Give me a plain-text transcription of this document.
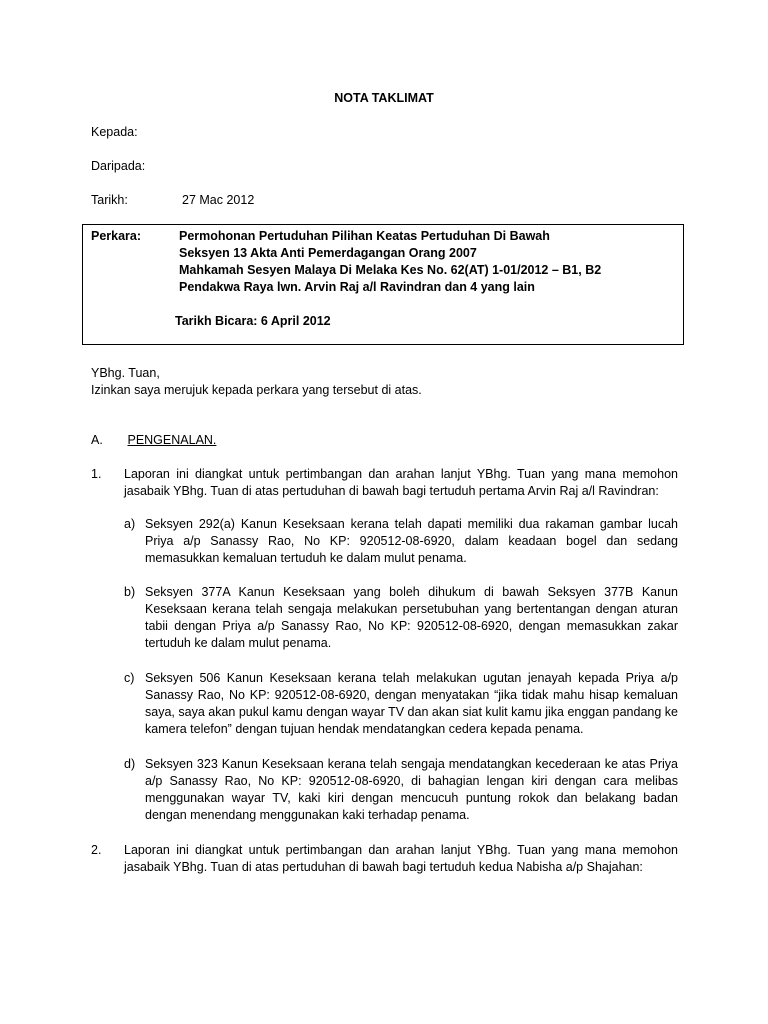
NOTA TAKLIMAT
Kepada:
Daripada:
Tarikh:	27 Mac 2012
Perkara:	Permohonan Pertuduhan Pilihan Keatas Pertuduhan Di Bawah
Seksyen 13 Akta Anti Pemerdagangan Orang 2007
Mahkamah Sesyen Malaya Di Melaka Kes No. 62(AT) 1-01/2012 – B1, B2
Pendakwa Raya lwn. Arvin Raj a/l Ravindran dan 4 yang lain
Tarikh Bicara: 6 April 2012
YBhg. Tuan,
Izinkan saya merujuk kepada perkara yang tersebut di atas.
A. PENGENALAN.
1. Laporan ini diangkat untuk pertimbangan dan arahan lanjut YBhg. Tuan yang mana memohon jasabaik YBhg. Tuan di atas pertuduhan di bawah bagi tertuduh pertama Arvin Raj a/l Ravindran:
a) Seksyen 292(a) Kanun Keseksaan kerana telah dapati memiliki dua rakaman gambar lucah Priya a/p Sanassy Rao, No KP: 920512-08-6920, dalam keadaan bogel dan sedang memasukkan kemaluan tertuduh ke dalam mulut penama.
b) Seksyen 377A Kanun Keseksaan yang boleh dihukum di bawah Seksyen 377B Kanun Keseksaan kerana telah sengaja melakukan persetubuhan yang bertentangan dengan aturan tabii dengan Priya a/p Sanassy Rao, No KP: 920512-08-6920, dengan memasukkan zakar tertuduh ke dalam mulut penama.
c) Seksyen 506 Kanun Keseksaan kerana telah melakukan ugutan jenayah kepada Priya a/p Sanassy Rao, No KP: 920512-08-6920, dengan menyatakan “jika tidak mahu hisap kemaluan saya, saya akan pukul kamu dengan wayar TV dan akan siat kulit kamu jika enggan pandang ke kamera telefon” dengan tujuan hendak mendatangkan cedera kepada penama.
d) Seksyen 323 Kanun Keseksaan kerana telah sengaja mendatangkan kecederaan ke atas Priya a/p Sanassy Rao, No KP: 920512-08-6920, di bahagian lengan kiri dengan cara melibas menggunakan wayar TV, kaki kiri dengan mencucuh puntung rokok dan belakang badan dengan menendang menggunakan kaki terhadap penama.
2. Laporan ini diangkat untuk pertimbangan dan arahan lanjut YBhg. Tuan yang mana memohon jasabaik YBhg. Tuan di atas pertuduhan di bawah bagi tertuduh kedua Nabisha a/p Shajahan:
